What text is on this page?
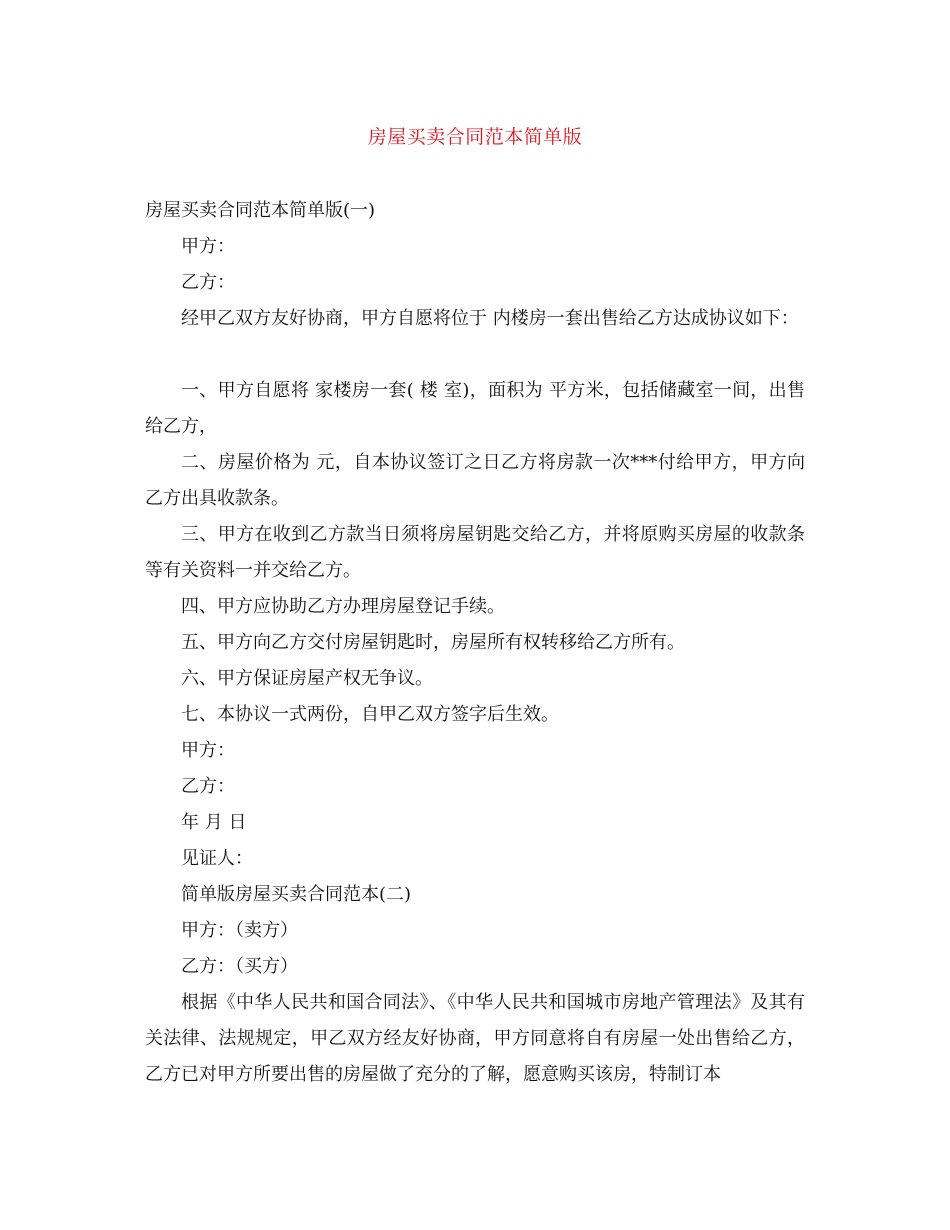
房屋买卖合同范本简单版

房屋买卖合同范本简单版(一)

甲方：

乙方：

经甲乙双方友好协商，甲方自愿将位于 内楼房一套出售给乙方达成协议如下：

一、甲方自愿将 家楼房一套( 楼 室)，面积为 平方米，包括储藏室一间，出售给乙方，

二、房屋价格为 元，自本协议签订之日乙方将房款一次***付给甲方，甲方向乙方出具收款条。

三、甲方在收到乙方款当日须将房屋钥匙交给乙方，并将原购买房屋的收款条等有关资料一并交给乙方。

四、甲方应协助乙方办理房屋登记手续。

五、甲方向乙方交付房屋钥匙时，房屋所有权转移给乙方所有。

六、甲方保证房屋产权无争议。

七、本协议一式两份，自甲乙双方签字后生效。

甲方：

乙方：

年 月 日

见证人：

简单版房屋买卖合同范本(二)

甲方：（卖方）

乙方：（买方）

根据《中华人民共和国合同法》、《中华人民共和国城市房地产管理法》及其有关法律、法规规定，甲乙双方经友好协商，甲方同意将自有房屋一处出售给乙方，乙方已对甲方所要出售的房屋做了充分的了解，愿意购买该房，特制订本
